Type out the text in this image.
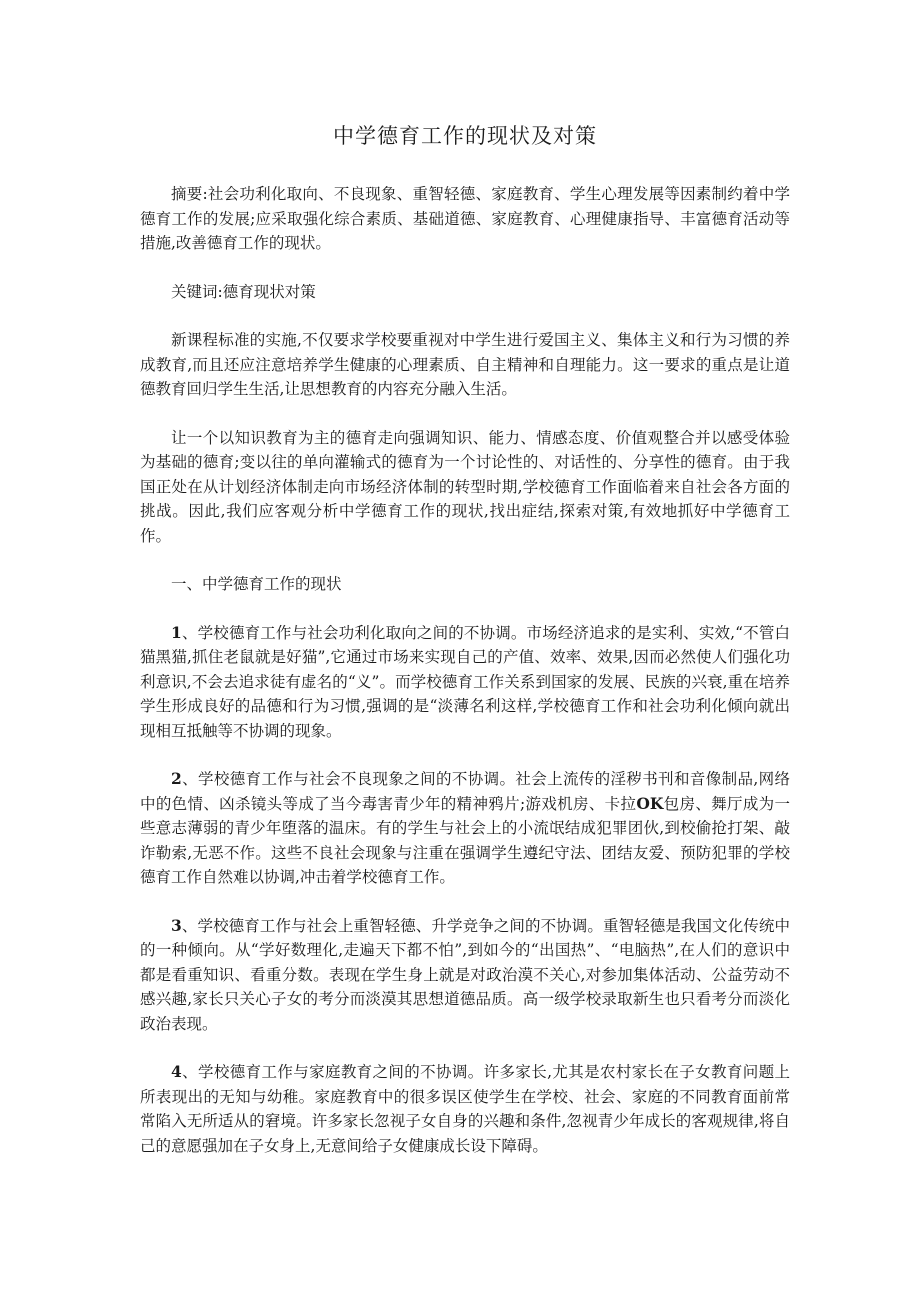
中学德育工作的现状及对策

摘要:社会功利化取向、不良现象、重智轻德、家庭教育、学生心理发展等因素制约着中学德育工作的发展;应采取强化综合素质、基础道德、家庭教育、心理健康指导、丰富德育活动等措施,改善德育工作的现状。

关键词:德育现状对策

新课程标准的实施,不仅要求学校要重视对中学生进行爱国主义、集体主义和行为习惯的养成教育,而且还应注意培养学生健康的心理素质、自主精神和自理能力。这一要求的重点是让道德教育回归学生生活,让思想教育的内容充分融入生活。

让一个以知识教育为主的德育走向强调知识、能力、情感态度、价值观整合并以感受体验为基础的德育;变以往的单向灌输式的德育为一个讨论性的、对话性的、分享性的德育。由于我国正处在从计划经济体制走向市场经济体制的转型时期,学校德育工作面临着来自社会各方面的挑战。因此,我们应客观分析中学德育工作的现状,找出症结,探索对策,有效地抓好中学德育工作。

一、中学德育工作的现状

1、学校德育工作与社会功利化取向之间的不协调。市场经济追求的是实利、实效,“不管白猫黑猫,抓住老鼠就是好猫”,它通过市场来实现自己的产值、效率、效果,因而必然使人们强化功利意识,不会去追求徒有虚名的“义”。而学校德育工作关系到国家的发展、民族的兴衰,重在培养学生形成良好的品德和行为习惯,强调的是“淡薄名利这样,学校德育工作和社会功利化倾向就出现相互抵触等不协调的现象。

2、学校德育工作与社会不良现象之间的不协调。社会上流传的淫秽书刊和音像制品,网络中的色情、凶杀镜头等成了当今毒害青少年的精神鸦片;游戏机房、卡拉OK包房、舞厅成为一些意志薄弱的青少年堕落的温床。有的学生与社会上的小流氓结成犯罪团伙,到校偷抢打架、敲诈勒索,无恶不作。这些不良社会现象与注重在强调学生遵纪守法、团结友爱、预防犯罪的学校德育工作自然难以协调,冲击着学校德育工作。

3、学校德育工作与社会上重智轻德、升学竞争之间的不协调。重智轻德是我国文化传统中的一种倾向。从“学好数理化,走遍天下都不怕”,到如今的“出国热”、“电脑热”,在人们的意识中都是看重知识、看重分数。表现在学生身上就是对政治漠不关心,对参加集体活动、公益劳动不感兴趣,家长只关心子女的考分而淡漠其思想道德品质。高一级学校录取新生也只看考分而淡化政治表现。

4、学校德育工作与家庭教育之间的不协调。许多家长,尤其是农村家长在子女教育问题上所表现出的无知与幼稚。家庭教育中的很多误区使学生在学校、社会、家庭的不同教育面前常常陷入无所适从的窘境。许多家长忽视子女自身的兴趣和条件,忽视青少年成长的客观规律,将自己的意愿强加在子女身上,无意间给子女健康成长设下障碍。
